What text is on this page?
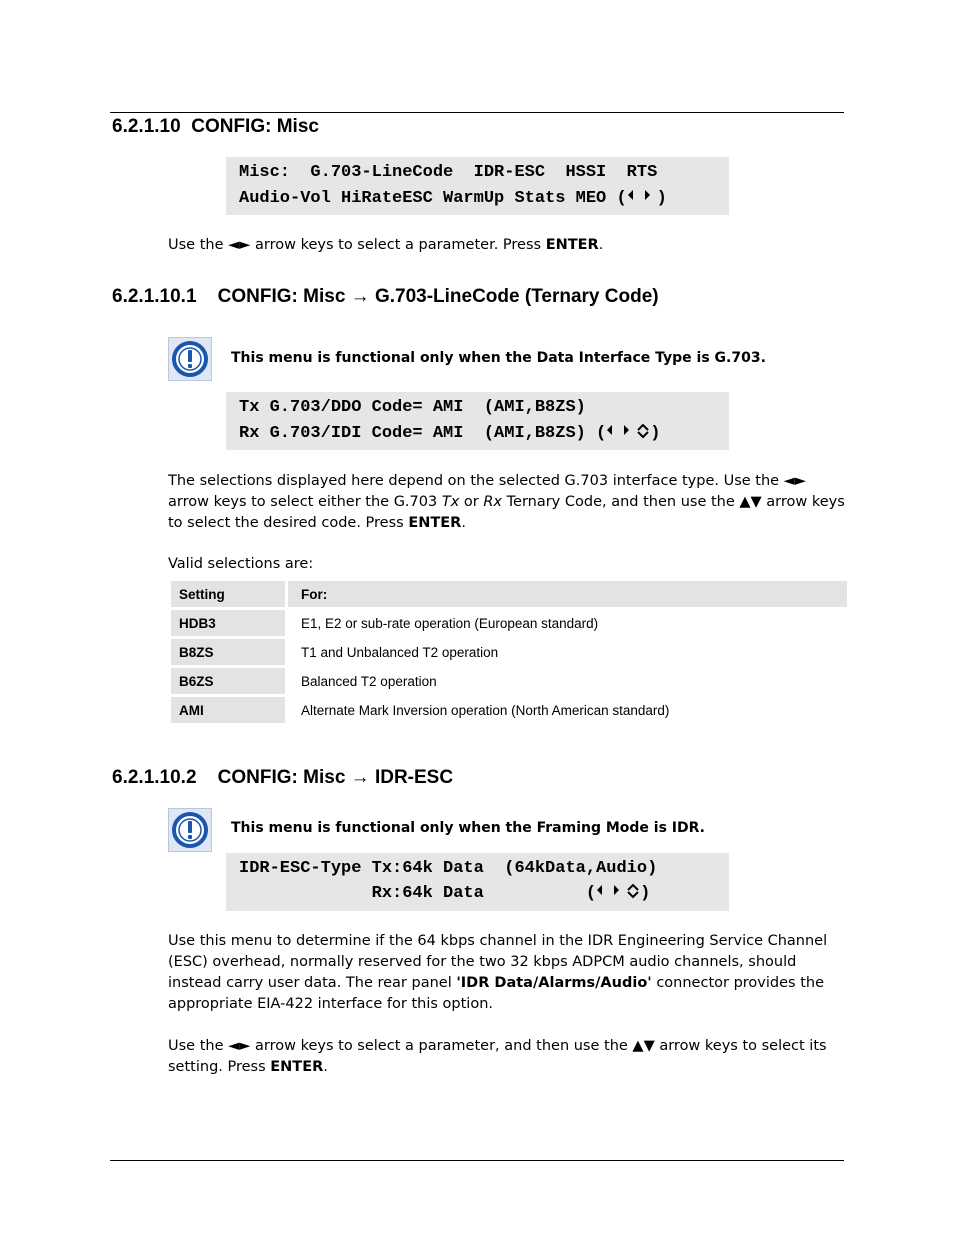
6.2.1.10 CONFIG: Misc
Misc:  G.703-LineCode  IDR-ESC  HSSI  RTS
Audio-Vol HiRateESC WarmUp Stats MEO ( )

Use the ◄► arrow keys to select a parameter. Press ENTER.

6.2.1.10.1 CONFIG: Misc → G.703-LineCode (Ternary Code)
This menu is functional only when the Data Interface Type is G.703.
Tx G.703/DDO Code= AMI  (AMI,B8ZS)
Rx G.703/IDI Code= AMI  (AMI,B8ZS) (	)

The selections displayed here depend on the selected G.703 interface type. Use the ◄► arrow keys to select either the G.703 Tx or Rx Ternary Code, and then use the ▲▼ arrow keys to select the desired code. Press ENTER.

Valid selections are:

Setting	For:
HDB3	E1, E2 or sub-rate operation (European standard)
B8ZS	T1 and Unbalanced T2 operation
B6ZS	Balanced T2 operation
AMI	Alternate Mark Inversion operation (North American standard)
6.2.1.10.2 CONFIG: Misc → IDR-ESC
This menu is functional only when the Framing Mode is IDR.
IDR-ESC-Type Tx:64k Data  (64kData,Audio)
Rx:64k Data          (	)

Use this menu to determine if the 64 kbps channel in the IDR Engineering Service Channel (ESC) overhead, normally reserved for the two 32 kbps ADPCM audio channels, should instead carry user data. The rear panel 'IDR Data/Alarms/Audio' connector provides the appropriate EIA-422 interface for this option.

Use the ◄► arrow keys to select a parameter, and then use the ▲▼ arrow keys to select its setting. Press ENTER.
